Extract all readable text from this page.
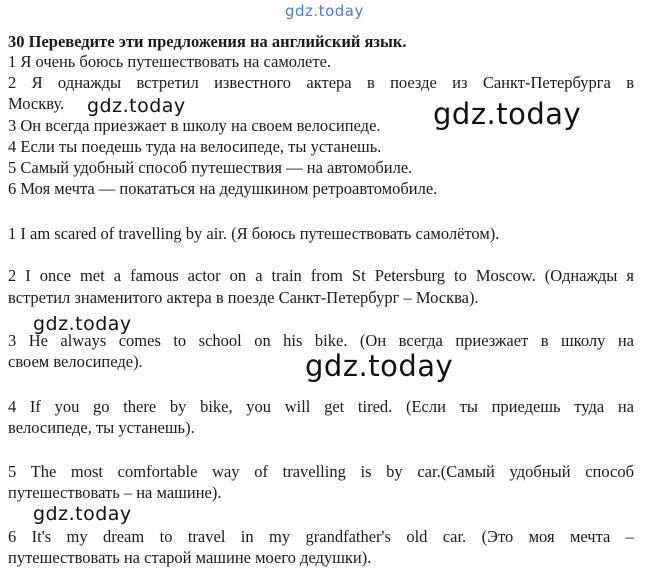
gdz.today
30 Переведите эти предложения на английский язык.
1 Я очень боюсь путешествовать на самолете.
2 Я однажды встретил известного актера в поезде из Санкт-Петербурга в
Москву.
3 Он всегда приезжает в школу на своем велосипеде.
4 Если ты поедешь туда на велосипеде, ты устанешь.
5 Самый удобный способ путешествия — на автомобиле.
6 Моя мечта — покататься на дедушкином ретроавтомобиле.
gdz.today	gdz.today
1 I am scared of travelling by air. (Я боюсь путешествовать самолётом).
2 I once met a famous actor on a train from St Petersburg to Moscow. (Однажды я
встретил знаменитого актера в поезде Санкт-Петербург – Москва).
gdz.today
3 He always comes to school on his bike. (Он всегда приезжает в школу на
своем велосипеде).	gdz.today
4 If you go there by bike, you will get tired. (Если ты приедешь туда на
велосипеде, ты устанешь).
5 The most comfortable way of travelling is by car.(Самый удобный способ
путешествовать – на машине).
gdz.today
6 It's my dream to travel in my grandfather's old car. (Это моя мечта –
путешествовать на старой машине моего дедушки).
